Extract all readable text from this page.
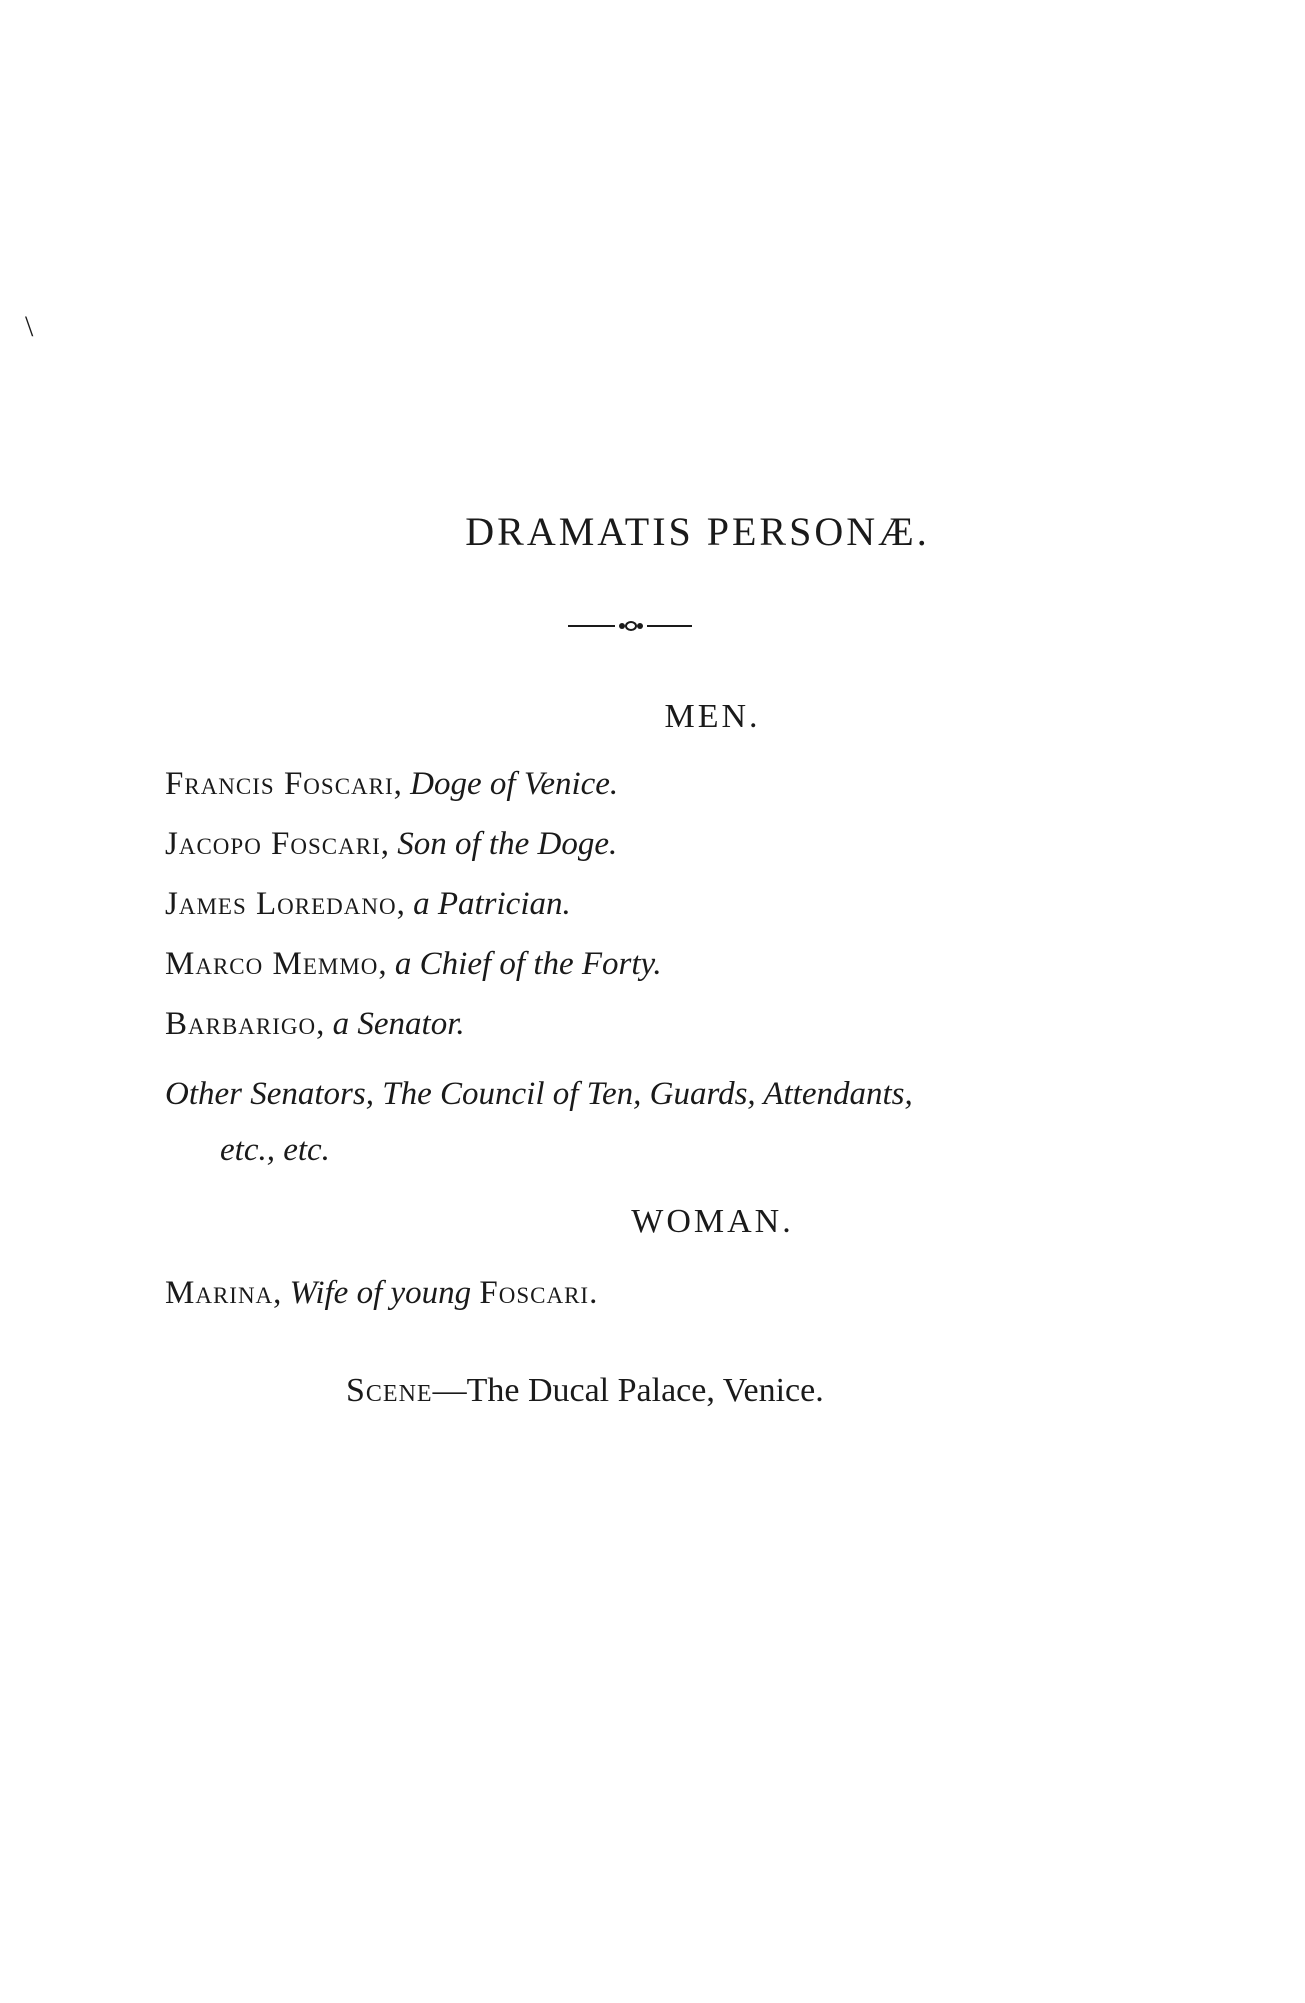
\
DRAMATIS PERSONÆ.
MEN.
Francis Foscari, Doge of Venice.
Jacopo Foscari, Son of the Doge.
James Loredano, a Patrician.
Marco Memmo, a Chief of the Forty.
Barbarigo, a Senator.
Other Senators, The Council of Ten, Guards, Attendants,
etc., etc.
WOMAN.
Marina, Wife of young Foscari.
Scene—The Ducal Palace, Venice.
